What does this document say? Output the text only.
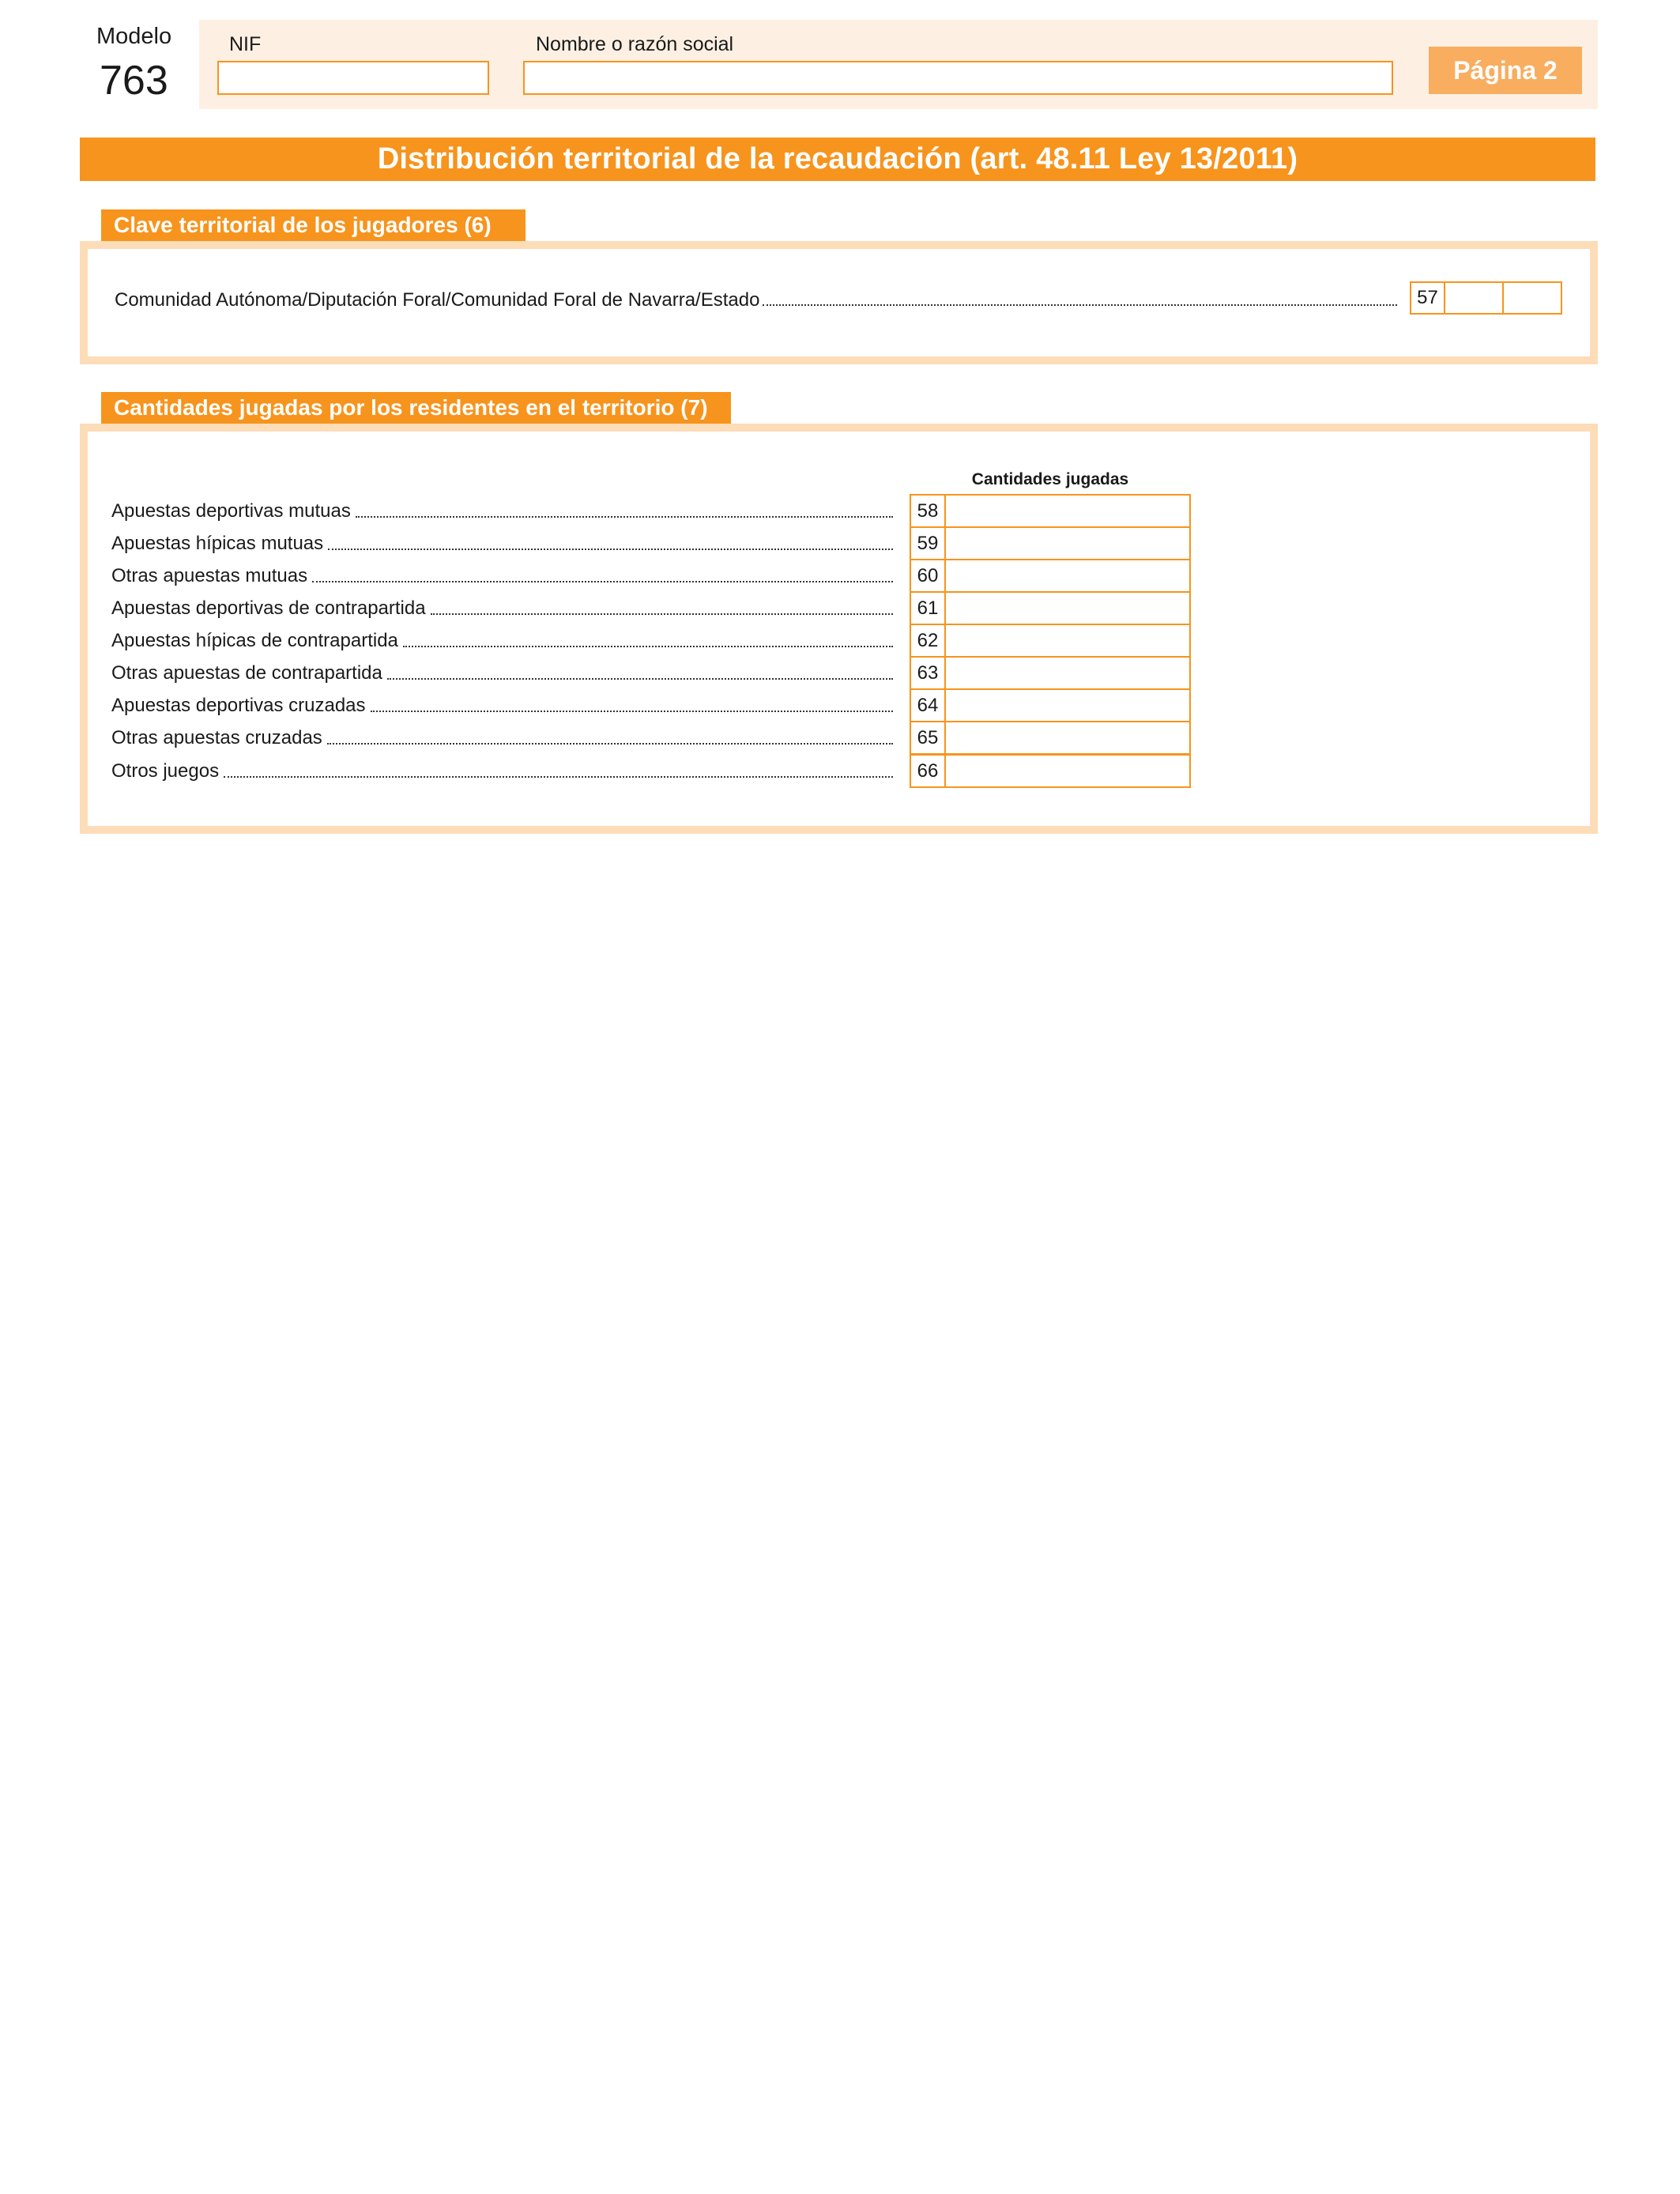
Modelo
763
NIF	Nombre o razón social
Página 2
Distribución territorial de la recaudación (art. 48.11 Ley 13/2011)
Clave territorial de los jugadores (6)
Comunidad Autónoma/Diputación Foral/Comunidad Foral de Navarra/Estado	57
Cantidades jugadas por los residentes en el territorio (7)
Cantidades jugadas
Apuestas deportivas mutuas	58
Apuestas hípicas mutuas	59
Otras apuestas mutuas	60
Apuestas deportivas de contrapartida	61
Apuestas hípicas de contrapartida	62
Otras apuestas de contrapartida	63
Apuestas deportivas cruzadas	64
Otras apuestas cruzadas	65
Otros juegos	66
